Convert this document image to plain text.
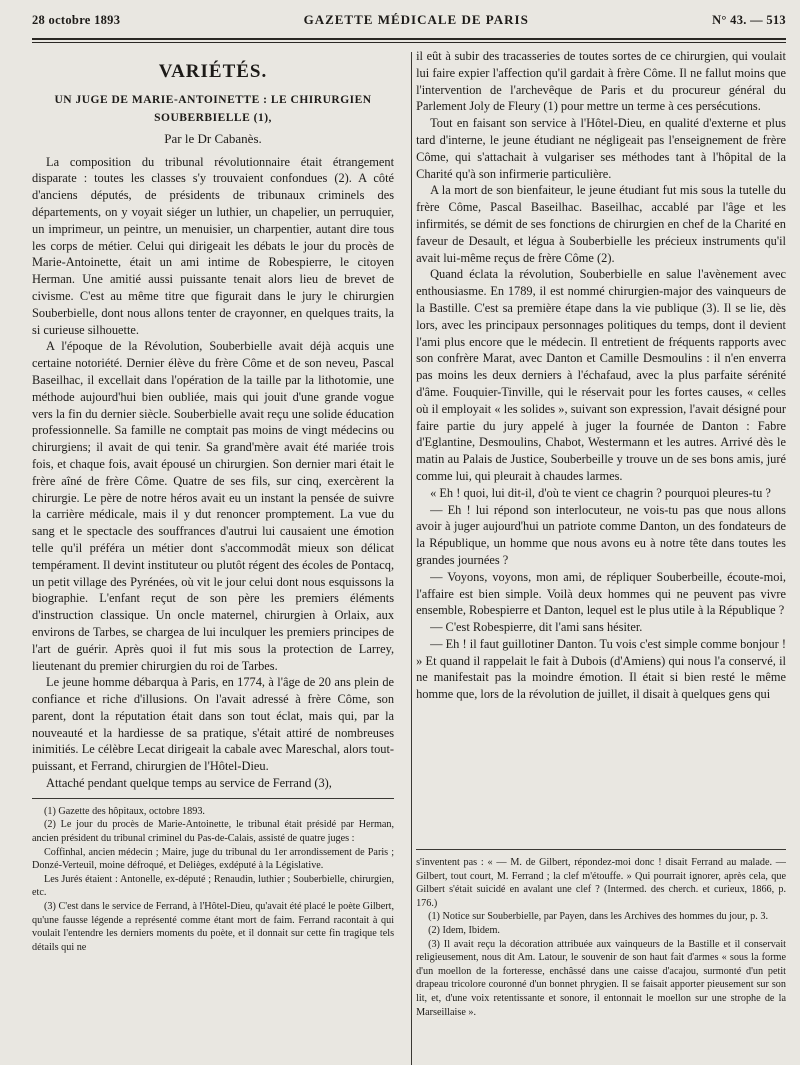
28 octobre 1893	GAZETTE MÉDICALE DE PARIS	N° 43. — 513
VARIÉTÉS.
UN JUGE DE MARIE-ANTOINETTE : LE CHIRURGIEN SOUBERBIELLE (1),
Par le Dr Cabanès.

La composition du tribunal révolutionnaire était étrangement disparate : toutes les classes s'y trouvaient confondues (2). A côté d'anciens députés, de présidents de tribunaux criminels des départements, on y voyait siéger un luthier, un chapelier, un perruquier, un imprimeur, un peintre, un menuisier, un charpentier, autant dire tous les corps de métier. Celui qui dirigeait les débats le jour du procès de Marie-Antoinette, était un ami intime de Robespierre, le citoyen Herman. Une amitié aussi puissante tenait alors lieu de brevet de civisme. C'est au même titre que figurait dans le jury le chirurgien Souberbielle, dont nous allons tenter de crayonner, en quelques traits, la si curieuse silhouette.

A l'époque de la Révolution, Souberbielle avait déjà acquis une certaine notoriété. Dernier élève du frère Côme et de son neveu, Pascal Baseilhac, il excellait dans l'opération de la taille par la lithotomie, une méthode aujourd'hui bien oubliée, mais qui jouit d'une grande vogue vers la fin du dernier siècle. Souberbielle avait reçu une solide éducation professionnelle. Sa famille ne comptait pas moins de vingt médecins ou chirurgiens; il avait de qui tenir. Sa grand'mère avait été mariée trois fois, et chaque fois, avait épousé un chirurgien. Son dernier mari était le frère aîné de frère Côme. Quatre de ses fils, sur cinq, exercèrent la chirurgie. Le père de notre héros avait eu un instant la pensée de suivre la carrière médicale, mais il y dut renoncer promptement. La vue du sang et le spectacle des souffrances d'autrui lui causaient une émotion telle qu'il préféra un métier dont s'accommodât mieux son délicat tempérament. Il devint instituteur ou plutôt régent des écoles de Pontacq, un petit village des Pyrénées, où vit le jour celui dont nous esquissons la biographie. L'enfant reçut de son père les premiers éléments d'instruction classique. Un oncle maternel, chirurgien à Orlaix, aux environs de Tarbes, se chargea de lui inculquer les premiers principes de l'art de guérir. Après quoi il fut mis sous la protection de Larrey, lieutenant du premier chirurgien du roi de Tarbes.

Le jeune homme débarqua à Paris, en 1774, à l'âge de 20 ans plein de confiance et riche d'illusions. On l'avait adressé à frère Côme, son parent, dont la réputation était dans son tout éclat, mais qui, par la nouveauté et la hardiesse de sa pratique, s'était attiré de nombreuses inimitiés. Le célèbre Lecat dirigeait la cabale avec Mareschal, alors tout-puissant, et Ferrand, chirurgien de l'Hôtel-Dieu.

Attaché pendant quelque temps au service de Ferrand (3),

(1) Gazette des hôpitaux, octobre 1893.

(2) Le jour du procès de Marie-Antoinette, le tribunal était présidé par Herman, ancien président du tribunal criminel du Pas-de-Calais, assisté de quatre juges :

Coffinhal, ancien médecin ; Maire, juge du tribunal du 1er arrondissement de Paris ; Donzé-Verteuil, moine défroqué, et Delièges, exdéputé à la Législative.

Les Jurés étaient : Antonelle, ex-député ; Renaudin, luthier ; Souberbielle, chirurgien, etc.

(3) C'est dans le service de Ferrand, à l'Hôtel-Dieu, qu'avait été placé le poète Gilbert, qu'une fausse légende a représenté comme étant mort de faim. Ferrand racontait à qui voulait l'entendre les derniers moments du poète, et il donnait sur cette fin tragique tels détails qui ne

il eût à subir des tracasseries de toutes sortes de ce chirurgien, qui voulait lui faire expier l'affection qu'il gardait à frère Côme. Il ne fallut moins que l'intervention de l'archevêque de Paris et du procureur général du Parlement Joly de Fleury (1) pour mettre un terme à ces persécutions.

Tout en faisant son service à l'Hôtel-Dieu, en qualité d'externe et plus tard d'interne, le jeune étudiant ne négligeait pas l'enseignement de frère Côme, qui s'attachait à vulgariser ses méthodes tant à l'hôpital de la Charité qu'à son infirmerie particulière.

A la mort de son bienfaiteur, le jeune étudiant fut mis sous la tutelle du frère Côme, Pascal Baseilhac. Baseilhac, accablé par l'âge et les infirmités, se démit de ses fonctions de chirurgien en chef de la Charité en faveur de Desault, et légua à Souberbielle les précieux instruments qu'il avait lui-même reçus de frère Côme (2).

Quand éclata la révolution, Souberbielle en salue l'avènement avec enthousiasme. En 1789, il est nommé chirurgien-major des vainqueurs de la Bastille. C'est sa première étape dans la vie publique (3). Il se lie, dès lors, avec les principaux personnages politiques du temps, dont il devient l'ami plus encore que le médecin. Il entretient de fréquents rapports avec son confrère Marat, avec Danton et Camille Desmoulins : il n'en enverra pas moins les deux derniers à l'échafaud, avec la plus parfaite sérénité d'âme. Fouquier-Tinville, qui le réservait pour les fortes causes, « celles où il employait « les solides », suivant son expression, l'avait désigné pour faire partie du jury appelé à juger la fournée de Danton : Fabre d'Eglantine, Desmoulins, Chabot, Westermann et les autres. Arrivé dès le matin au Palais de Justice, Souberbeille y trouve un de ses bons amis, juré comme lui, qui pleurait à chaudes larmes.

« Eh ! quoi, lui dit-il, d'où te vient ce chagrin ? pourquoi pleures-tu ?

— Eh ! lui répond son interlocuteur, ne vois-tu pas que nous allons avoir à juger aujourd'hui un patriote comme Danton, un des fondateurs de la République, un homme que nous avons eu à notre tête dans toutes les grandes journées ?

— Voyons, voyons, mon ami, de répliquer Souberbeille, écoute-moi, l'affaire est bien simple. Voilà deux hommes qui ne peuvent pas vivre ensemble, Robespierre et Danton, lequel est le plus utile à la République ?

— C'est Robespierre, dit l'ami sans hésiter.

— Eh ! il faut guillotiner Danton. Tu vois c'est simple comme bonjour ! » Et quand il rappelait le fait à Dubois (d'Amiens) qui nous l'a conservé, il ne manifestait pas la moindre émotion. Il était si bien resté le même homme que, lors de la révolution de juillet, il disait à quelques gens qui

s'inventent pas : « — M. de Gilbert, répondez-moi donc ! disait Ferrand au malade. — Gilbert, tout court, M. Ferrand ; la clef m'étouffe. » Qui pourrait ignorer, après cela, que Gilbert s'était suicidé en avalant une clef ? (Intermed. des cherch. et curieux, 1866, p. 176.)

(1) Notice sur Souberbielle, par Payen, dans les Archives des hommes du jour, p. 3.

(2) Idem, Ibidem.

(3) Il avait reçu la décoration attribuée aux vainqueurs de la Bastille et il conservait religieusement, nous dit Am. Latour, le souvenir de son haut fait d'armes « sous la forme d'un moellon de la forteresse, enchâssé dans une caisse d'acajou, surmonté d'un petit drapeau tricolore couronné d'un bonnet phrygien. Il se faisait apporter pieusement sur son lit, et, d'une voix retentissante et sonore, il entonnait le moellon sur une strophe de la Marseillaise ».
